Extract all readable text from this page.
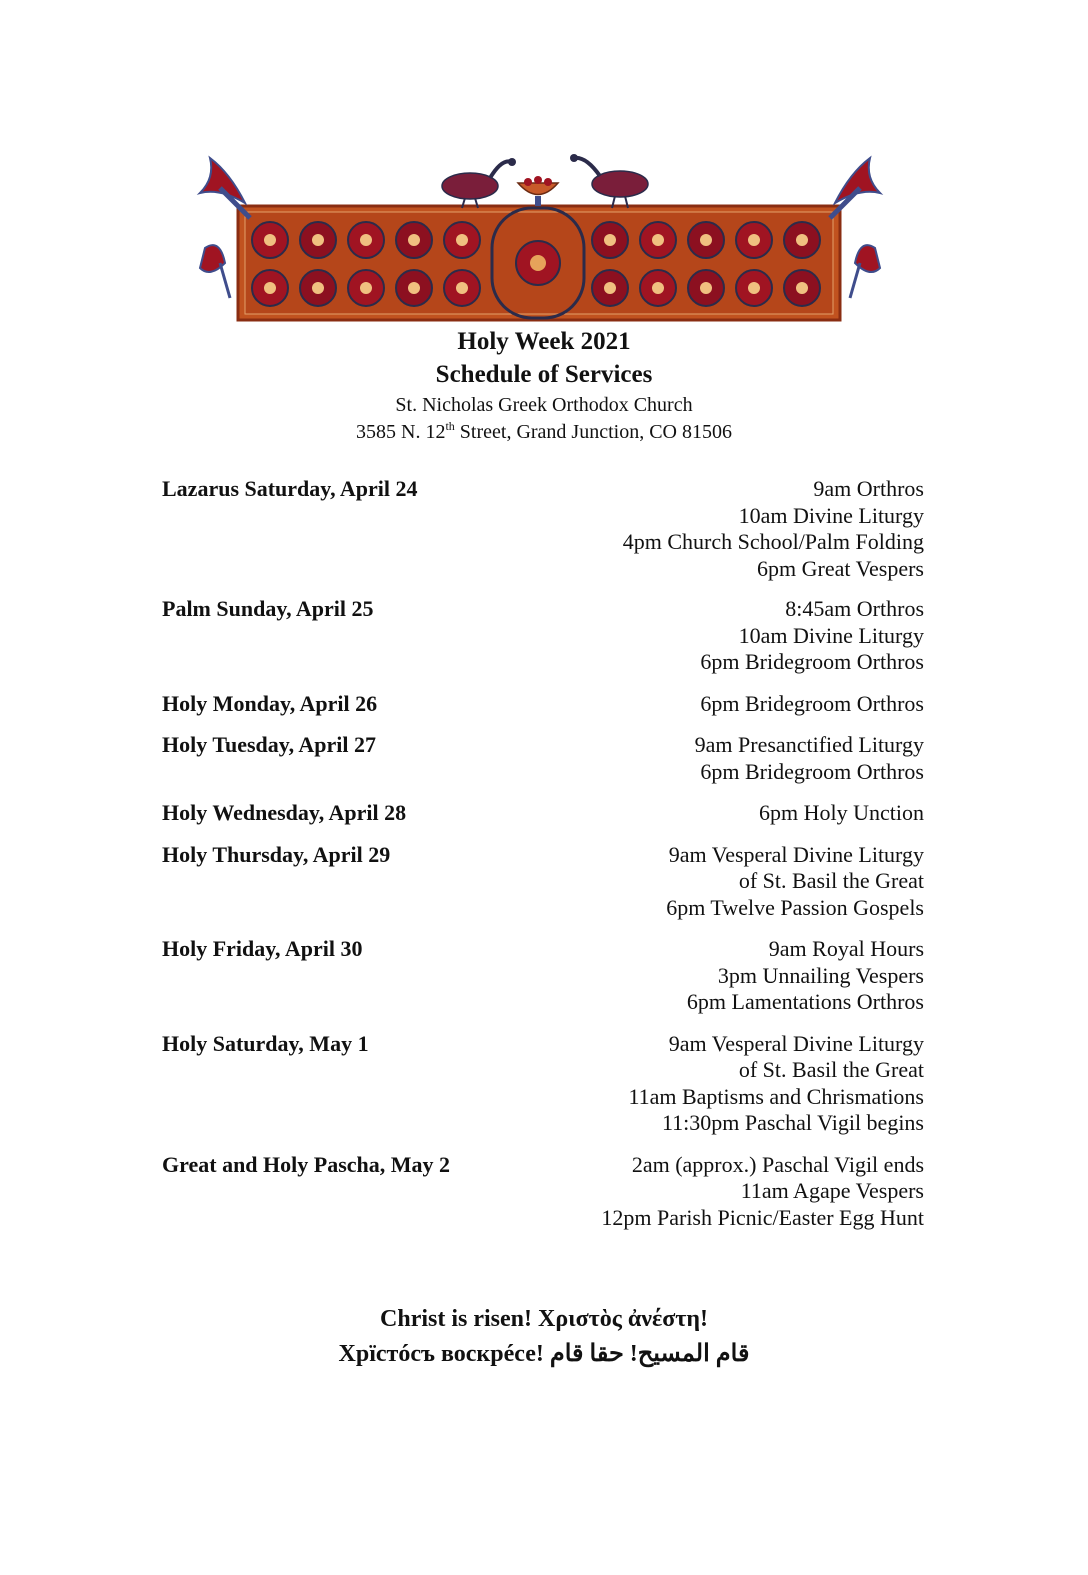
Holy Week 2021
Schedule of Services
St. Nicholas Greek Orthodox Church
3585 N. 12th Street, Grand Junction, CO 81506
Lazarus Saturday, April 24	9am Orthros
10am Divine Liturgy
4pm Church School/Palm Folding
6pm Great Vespers
Palm Sunday, April 25	8:45am Orthros
10am Divine Liturgy
6pm Bridegroom Orthros
Holy Monday, April 26	6pm Bridegroom Orthros
Holy Tuesday, April 27	9am Presanctified Liturgy
6pm Bridegroom Orthros
Holy Wednesday, April 28	6pm Holy Unction
Holy Thursday, April 29	9am Vesperal Divine Liturgy
of St. Basil the Great
6pm Twelve Passion Gospels
Holy Friday, April 30	9am Royal Hours
3pm Unnailing Vespers
6pm Lamentations Orthros
Holy Saturday, May 1	9am Vesperal Divine Liturgy
of St. Basil the Great
11am Baptisms and Chrismations
11:30pm Paschal Vigil begins
Great and Holy Pascha, May 2	2am (approx.) Paschal Vigil ends
11am Agape Vespers
12pm Parish Picnic/Easter Egg Hunt
Christ is risen! Χριστὸς ἀνέστη!
Хрїстóсъ воскрéсе! قام المسيح! حقا قام
